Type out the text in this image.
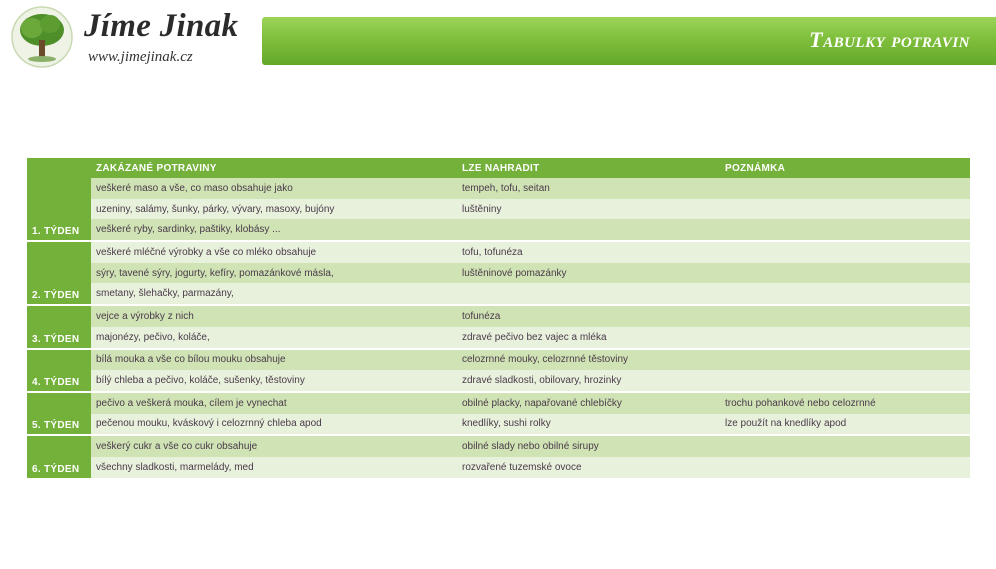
Jíme Jinak
www.jimejinak.cz
Tabulky potravin
	ZAKÁZANÉ POTRAVINY	LZE NAHRADIT	POZNÁMKA
1. TÝDEN	veškeré maso a vše, co maso obsahuje jako	tempeh, tofu, seitan	
	uzeniny, salámy, šunky, párky, vývary, masoxy, bujóny	luštěniny	
	veškeré ryby, sardinky, paštiky, klobásy ...		
2. TÝDEN	veškeré mléčné výrobky a vše co mléko obsahuje	tofu, tofunéza	
	sýry, tavené sýry, jogurty, kefíry, pomazánkové másla,	luštěninové pomazánky	
	smetany, šlehačky, parmazány,		
3. TÝDEN	vejce a výrobky z nich	tofunéza	
	majonézy, pečivo, koláče,	zdravé pečivo bez vajec a mléka	
4. TÝDEN	bílá mouka a vše co bílou mouku obsahuje	celozrnné mouky, celozrnné těstoviny	
	bílý chleba a pečivo, koláče, sušenky, těstoviny	zdravé sladkosti, obilovary, hrozinky	
5. TÝDEN	pečivo a veškerá mouka, cílem je vynechat	obilné placky, napařované chlebíčky	trochu pohankové nebo celozrnné
	pečenou mouku, kváskový i celozrnný chleba apod	knedlíky, sushi rolky	lze použít na knedlíky apod
6. TÝDEN	veškerý cukr a vše co cukr obsahuje	obilné slady nebo obilné sirupy	
	všechny sladkosti, marmelády, med	rozvařené tuzemské ovoce	
